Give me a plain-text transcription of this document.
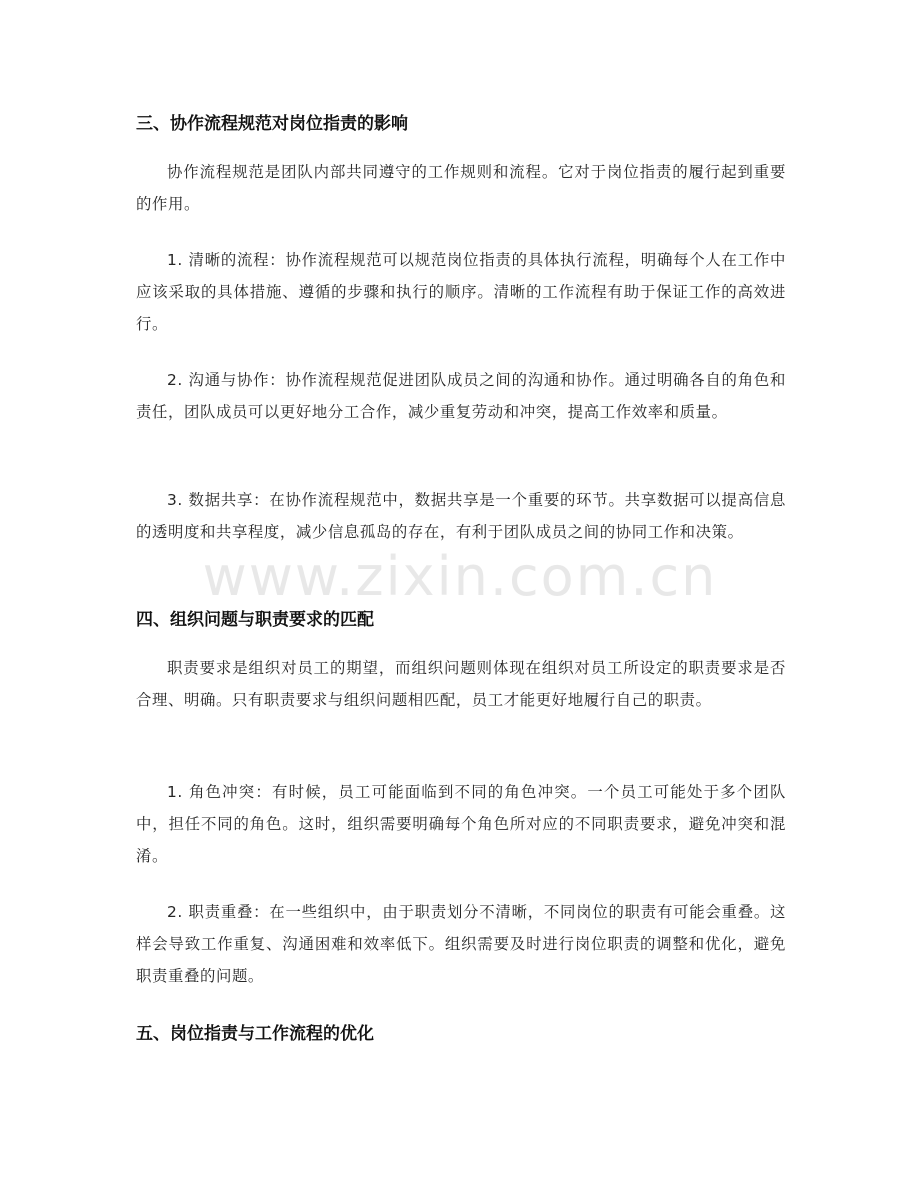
三、协作流程规范对岗位指责的影响
协作流程规范是团队内部共同遵守的工作规则和流程。它对于岗位指责的履行起到重要的作用。
1. 清晰的流程：协作流程规范可以规范岗位指责的具体执行流程，明确每个人在工作中应该采取的具体措施、遵循的步骤和执行的顺序。清晰的工作流程有助于保证工作的高效进行。
2. 沟通与协作：协作流程规范促进团队成员之间的沟通和协作。通过明确各自的角色和责任，团队成员可以更好地分工合作，减少重复劳动和冲突，提高工作效率和质量。
3. 数据共享：在协作流程规范中，数据共享是一个重要的环节。共享数据可以提高信息的透明度和共享程度，减少信息孤岛的存在，有利于团队成员之间的协同工作和决策。
四、组织问题与职责要求的匹配
职责要求是组织对员工的期望，而组织问题则体现在组织对员工所设定的职责要求是否合理、明确。只有职责要求与组织问题相匹配，员工才能更好地履行自己的职责。
1. 角色冲突：有时候，员工可能面临到不同的角色冲突。一个员工可能处于多个团队中，担任不同的角色。这时，组织需要明确每个角色所对应的不同职责要求，避免冲突和混淆。
2. 职责重叠：在一些组织中，由于职责划分不清晰，不同岗位的职责有可能会重叠。这样会导致工作重复、沟通困难和效率低下。组织需要及时进行岗位职责的调整和优化，避免职责重叠的问题。
五、岗位指责与工作流程的优化
www.zixin.com.cn
